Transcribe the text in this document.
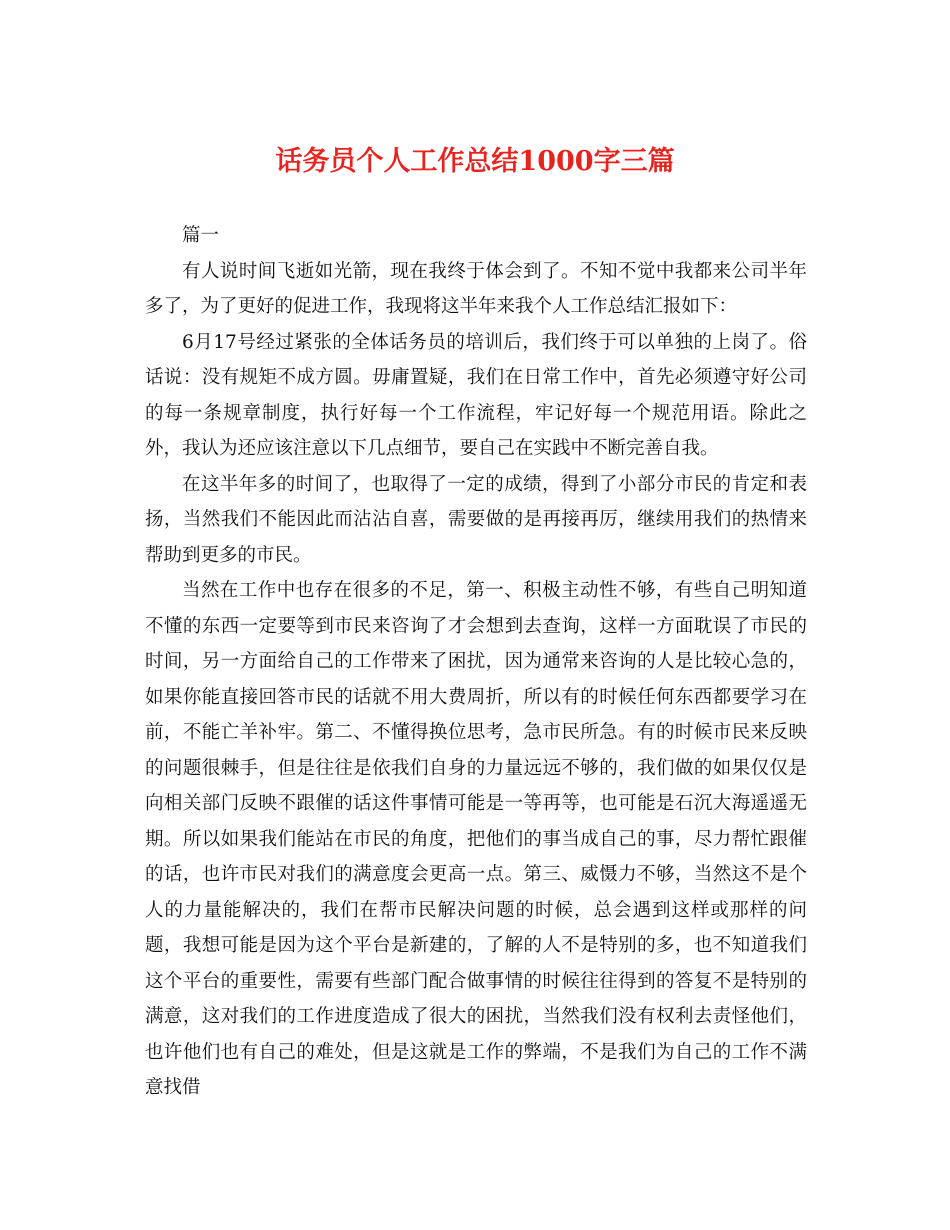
话务员个人工作总结1000字三篇

篇一

有人说时间飞逝如光箭，现在我终于体会到了。不知不觉中我都来公司半年多了，为了更好的促进工作，我现将这半年来我个人工作总结汇报如下：

6月17号经过紧张的全体话务员的培训后，我们终于可以单独的上岗了。俗话说：没有规矩不成方圆。毋庸置疑，我们在日常工作中，首先必须遵守好公司的每一条规章制度，执行好每一个工作流程，牢记好每一个规范用语。除此之外，我认为还应该注意以下几点细节，要自己在实践中不断完善自我。

在这半年多的时间了，也取得了一定的成绩，得到了小部分市民的肯定和表扬，当然我们不能因此而沾沾自喜，需要做的是再接再厉，继续用我们的热情来帮助到更多的市民。

当然在工作中也存在很多的不足，第一、积极主动性不够，有些自己明知道不懂的东西一定要等到市民来咨询了才会想到去查询，这样一方面耽误了市民的时间，另一方面给自己的工作带来了困扰，因为通常来咨询的人是比较心急的，如果你能直接回答市民的话就不用大费周折，所以有的时候任何东西都要学习在前，不能亡羊补牢。第二、不懂得换位思考，急市民所急。有的时候市民来反映的问题很棘手，但是往往是依我们自身的力量远远不够的，我们做的如果仅仅是向相关部门反映不跟催的话这件事情可能是一等再等，也可能是石沉大海遥遥无期。所以如果我们能站在市民的角度，把他们的事当成自己的事，尽力帮忙跟催的话，也许市民对我们的满意度会更高一点。第三、威慑力不够，当然这不是个人的力量能解决的，我们在帮市民解决问题的时候，总会遇到这样或那样的问题，我想可能是因为这个平台是新建的，了解的人不是特别的多，也不知道我们这个平台的重要性，需要有些部门配合做事情的时候往往得到的答复不是特别的满意，这对我们的工作进度造成了很大的困扰，当然我们没有权利去责怪他们，也许他们也有自己的难处，但是这就是工作的弊端，不是我们为自己的工作不满意找借
